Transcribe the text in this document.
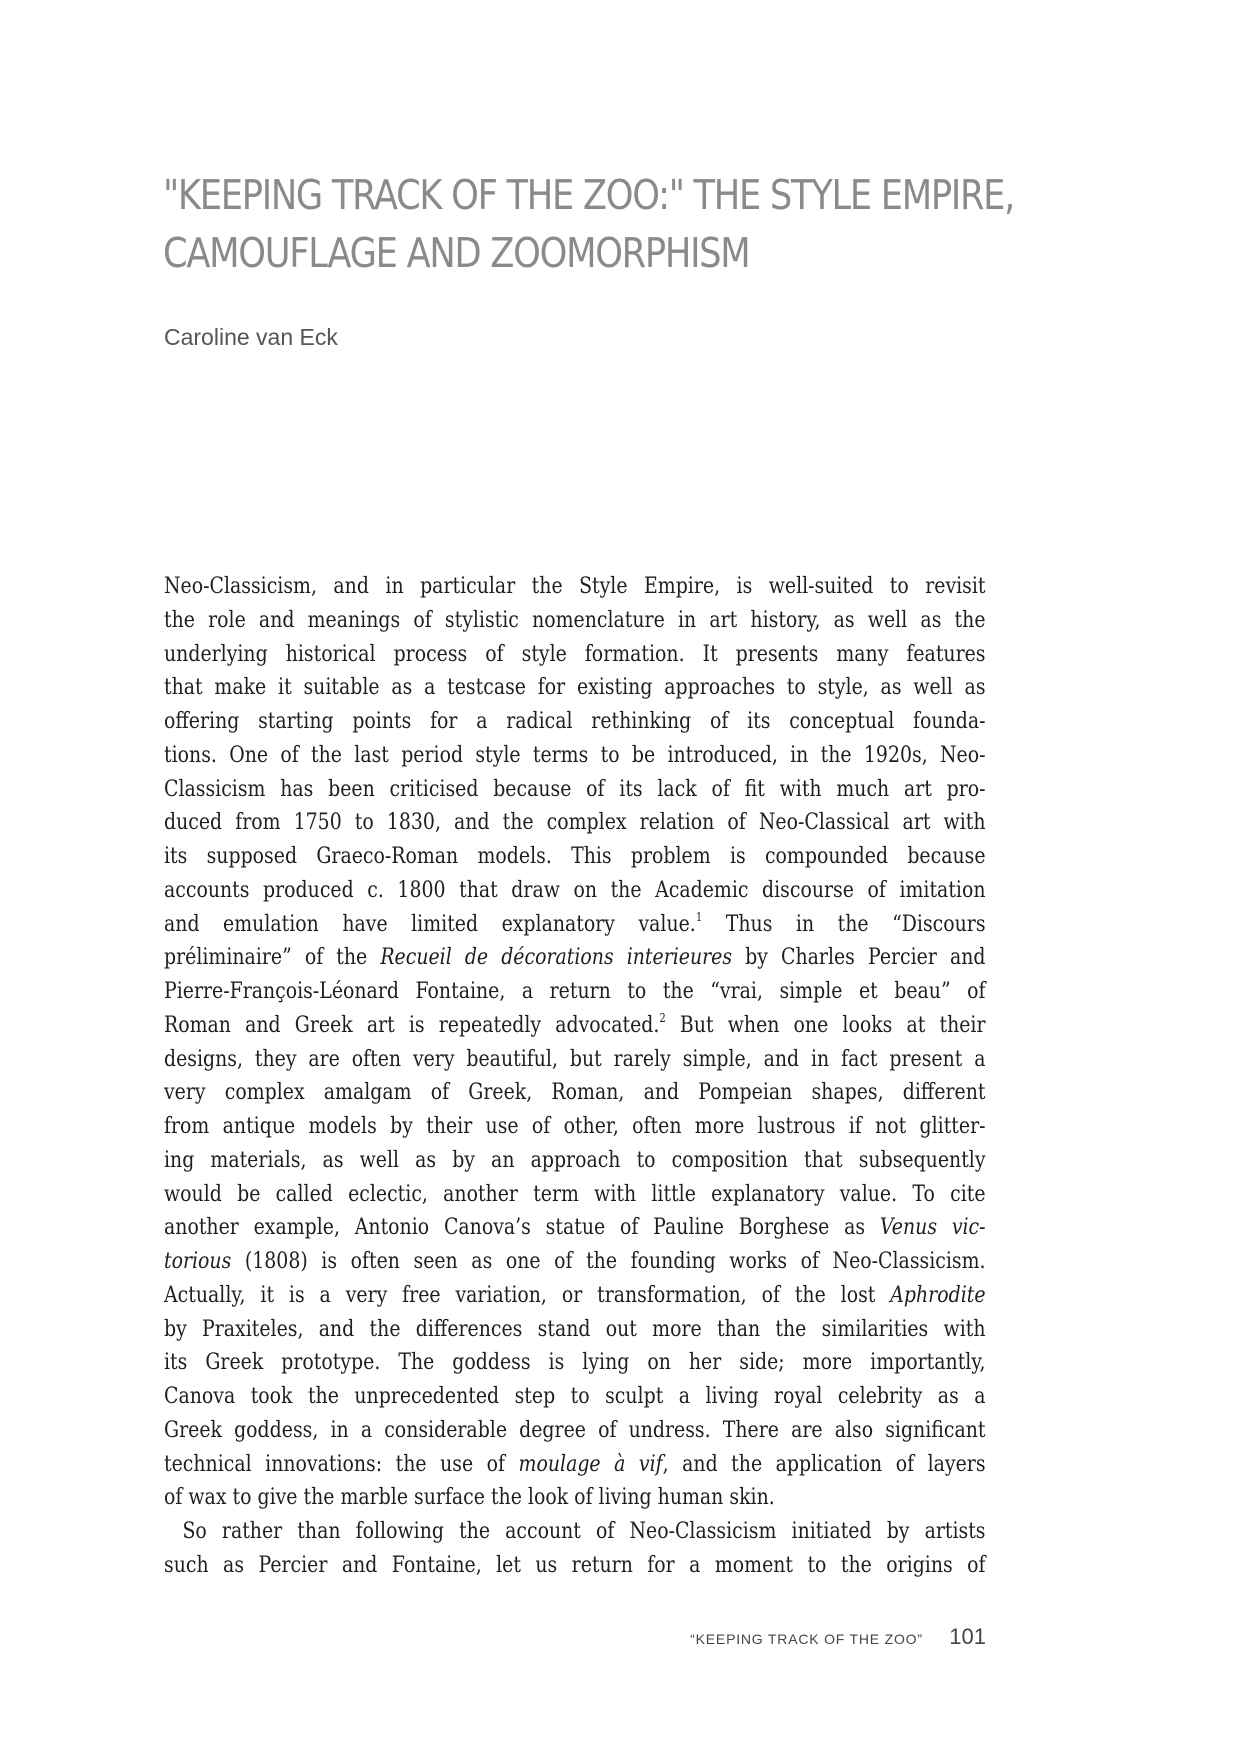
"KEEPING TRACK OF THE ZOO:" THE STYLE EMPIRE,
CAMOUFLAGE AND ZOOMORPHISM

Caroline van Eck

Neo-Classicism, and in particular the Style Empire, is well-suited to revisit
the role and meanings of stylistic nomenclature in art history, as well as the
underlying historical process of style formation. It presents many features
that make it suitable as a testcase for existing approaches to style, as well as
offering starting points for a radical rethinking of its conceptual founda-
tions. One of the last period style terms to be introduced, in the 1920s, Neo-
Classicism has been criticised because of its lack of fit with much art pro-
duced from 1750 to 1830, and the complex relation of Neo-Classical art with
its supposed Graeco-Roman models. This problem is compounded because
accounts produced c. 1800 that draw on the Academic discourse of imitation
and emulation have limited explanatory value.$^1$ Thus in the “Discours
préliminaire” of the Recueil de décorations interieures by Charles Percier and
Pierre-François-Léonard Fontaine, a return to the “vrai, simple et beau” of
Roman and Greek art is repeatedly advocated.$^2$ But when one looks at their
designs, they are often very beautiful, but rarely simple, and in fact present a
very complex amalgam of Greek, Roman, and Pompeian shapes, different
from antique models by their use of other, often more lustrous if not glitter-
ing materials, as well as by an approach to composition that subsequently
would be called eclectic, another term with little explanatory value. To cite
another example, Antonio Canova’s statue of Pauline Borghese as Venus vic-
torious (1808) is often seen as one of the founding works of Neo-Classicism.
Actually, it is a very free variation, or transformation, of the lost Aphrodite
by Praxiteles, and the differences stand out more than the similarities with
its Greek prototype. The goddess is lying on her side; more importantly,
Canova took the unprecedented step to sculpt a living royal celebrity as a
Greek goddess, in a considerable degree of undress. There are also significant
technical innovations: the use of moulage à vif, and the application of layers
of wax to give the marble surface the look of living human skin.
So rather than following the account of Neo-Classicism initiated by artists
such as Percier and Fontaine, let us return for a moment to the origins of
“KEEPING TRACK OF THE ZOO” 101
